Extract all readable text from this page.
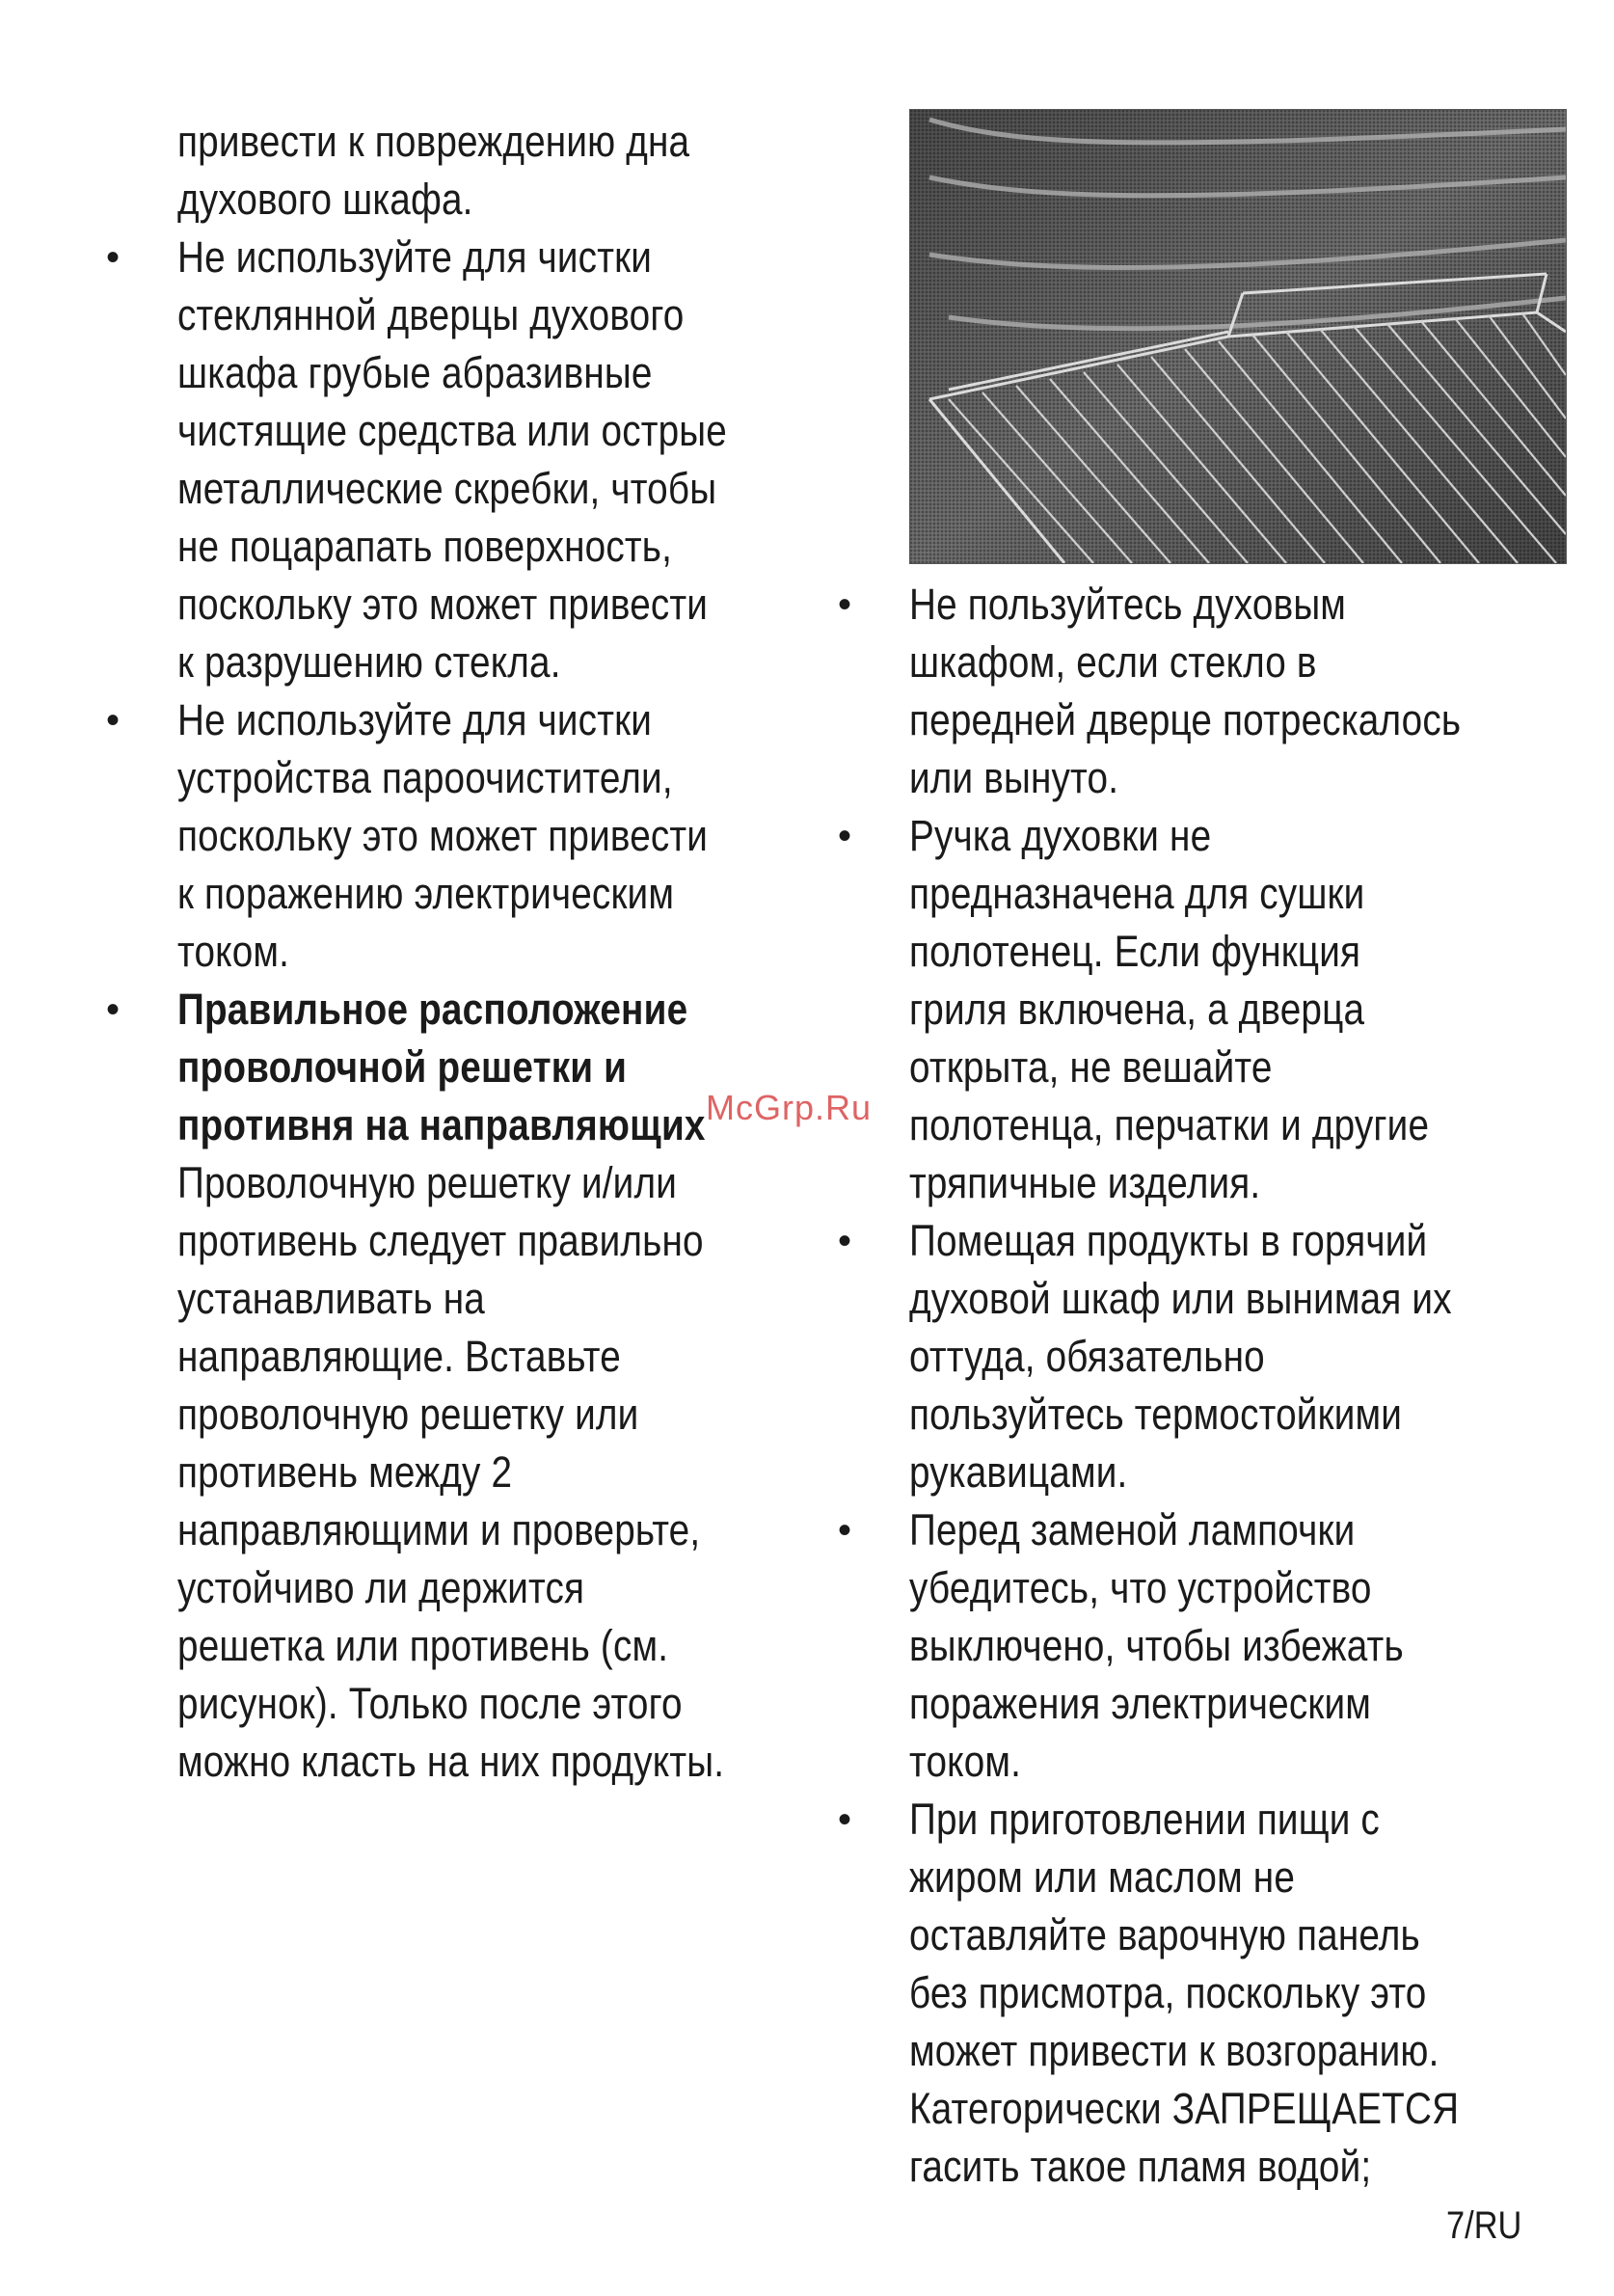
привести к повреждению дна
духового шкафа.
• Не используйте для чистки
стеклянной дверцы духового
шкафа грубые абразивные
чистящие средства или острые
металлические скребки, чтобы
не поцарапать поверхность,
поскольку это может привести
к разрушению стекла.
• Не используйте для чистки
устройства пароочистители,
поскольку это может привести
к поражению электрическим
током.
• Правильное расположение
проволочной решетки и
противня на направляющих
Проволочную решетку и/или
противень следует правильно
устанавливать на
направляющие. Вставьте
проволочную решетку или
противень между 2
направляющими и проверьте,
устойчиво ли держится
решетка или противень (см.
рисунок). Только после этого
можно класть на них продукты.
• Не пользуйтесь духовым
шкафом, если стекло в
передней дверце потрескалось
или вынуто.
• Ручка духовки не
предназначена для сушки
полотенец. Если функция
гриля включена, а дверца
открыта, не вешайте
полотенца, перчатки и другие
тряпичные изделия.
• Помещая продукты в горячий
духовой шкаф или вынимая их
оттуда, обязательно
пользуйтесь термостойкими
рукавицами.
• Перед заменой лампочки
убедитесь, что устройство
выключено, чтобы избежать
поражения электрическим
током.
• При приготовлении пищи с
жиром или маслом не
оставляйте варочную панель
без присмотра, поскольку это
может привести к возгоранию.
Категорически ЗАПРЕЩАЕТСЯ
гасить такое пламя водой;
McGrp.Ru
7/RU
